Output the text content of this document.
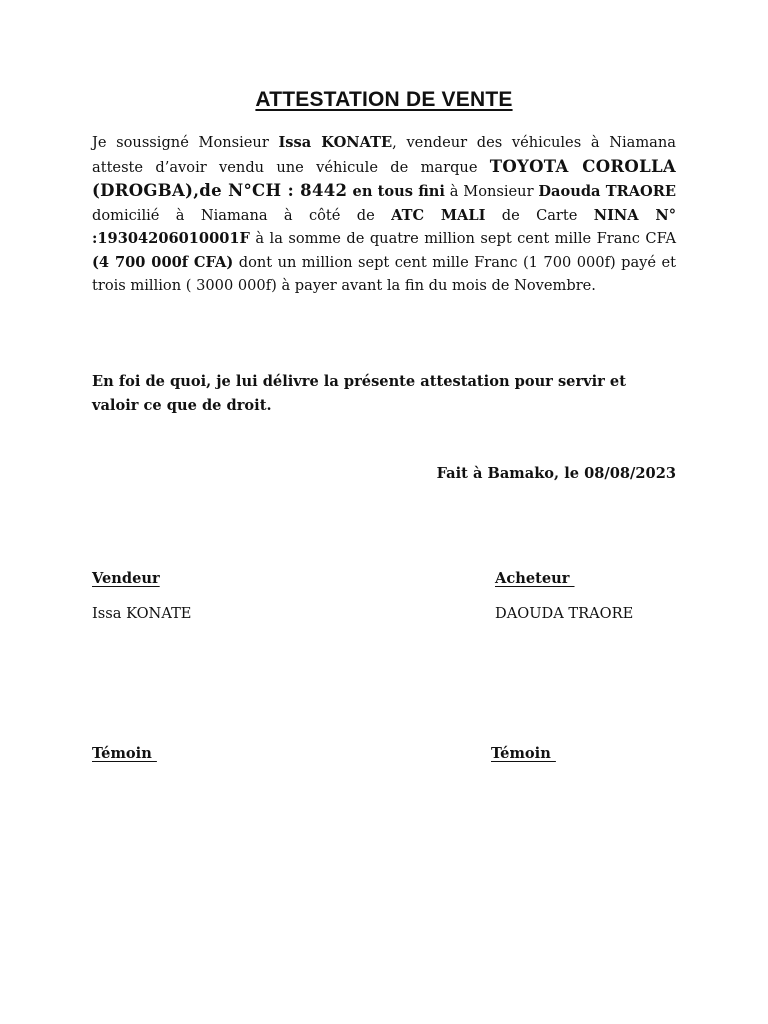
ATTESTATION DE VENTE
Je soussigné Monsieur Issa KONATE, vendeur des véhicules à Niamana atteste d’avoir vendu une véhicule de marque TOYOTA COROLLA (DROGBA),de N°CH : 8442 en tous fini à Monsieur Daouda TRAORE domicilié à Niamana à côté de ATC MALI de Carte NINA N° :19304206010001F à la somme de quatre million sept cent mille Franc CFA (4 700 000f CFA) dont un million sept cent mille Franc (1 700 000f) payé et trois million ( 3000 000f) à payer avant la fin du mois de Novembre.
En foi de quoi, je lui délivre la présente attestation pour servir et valoir ce que de droit.
Fait à Bamako, le 08/08/2023
Vendeur
Issa KONATE
Acheteur
DAOUDA TRAORE
Témoin	Témoin
